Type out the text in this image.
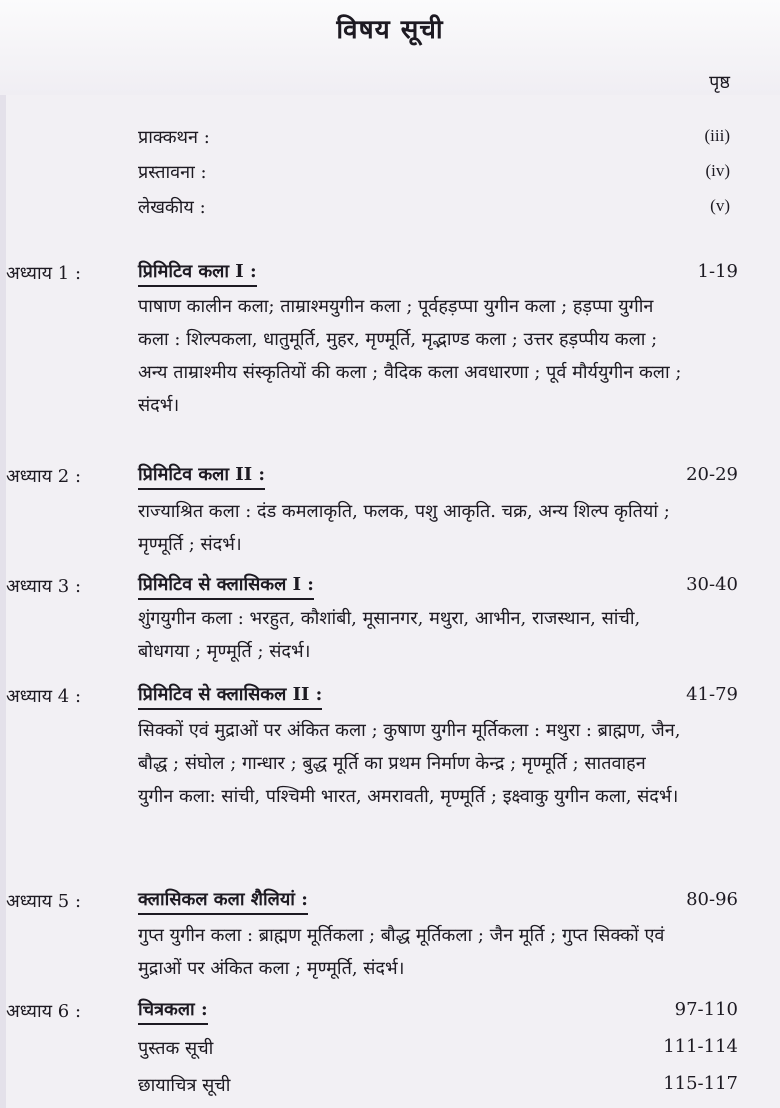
विषय सूची
पृष्ठ
प्राक्कथन :	(iii)
प्रस्तावना :	(iv)
लेखकीय :	(v)
अध्याय 1 :	प्रिमिटिव कला I :	1-19
पाषाण कालीन कला; ताम्राश्मयुगीन कला ; पूर्वहड़प्पा युगीन कला ; हड़प्पा युगीन कला : शिल्पकला, धातुमूर्ति, मुहर, मृण्मूर्ति, मृद्भाण्ड कला ; उत्तर हड़प्पीय कला ; अन्य ताम्राश्मीय संस्कृतियों की कला ; वैदिक कला अवधारणा ; पूर्व मौर्ययुगीन कला ; संदर्भ।
अध्याय 2 :	प्रिमिटिव कला II :	20-29
राज्याश्रित कला : दंड कमलाकृति, फलक, पशु आकृति. चक्र, अन्य शिल्प कृतियां ; मृण्मूर्ति ; संदर्भ।
अध्याय 3 :	प्रिमिटिव से क्लासिकल I :	30-40
शुंगयुगीन कला : भरहुत, कौशांबी, मूसानगर, मथुरा, आभीन, राजस्थान, सांची, बोधगया ; मृण्मूर्ति ; संदर्भ।
अध्याय 4 :	प्रिमिटिव से क्लासिकल II :	41-79
सिक्कों एवं मुद्राओं पर अंकित कला ; कुषाण युगीन मूर्तिकला : मथुरा : ब्राह्मण, जैन, बौद्ध ; संघोल ; गान्धार ; बुद्ध मूर्ति का प्रथम निर्माण केन्द्र ; मृण्मूर्ति ; सातवाहन युगीन कला: सांची, पश्चिमी भारत, अमरावती, मृण्मूर्ति ; इक्ष्वाकु युगीन कला, संदर्भ।
अध्याय 5 :	क्लासिकल कला शैलियां :	80-96
गुप्त युगीन कला : ब्राह्मण मूर्तिकला ; बौद्ध मूर्तिकला ; जैन मूर्ति ; गुप्त सिक्कों एवं मुद्राओं पर अंकित कला ; मृण्मूर्ति, संदर्भ।
अध्याय 6 :	चित्रकला :	97-110
पुस्तक सूची	111-114
छायाचित्र सूची	115-117
